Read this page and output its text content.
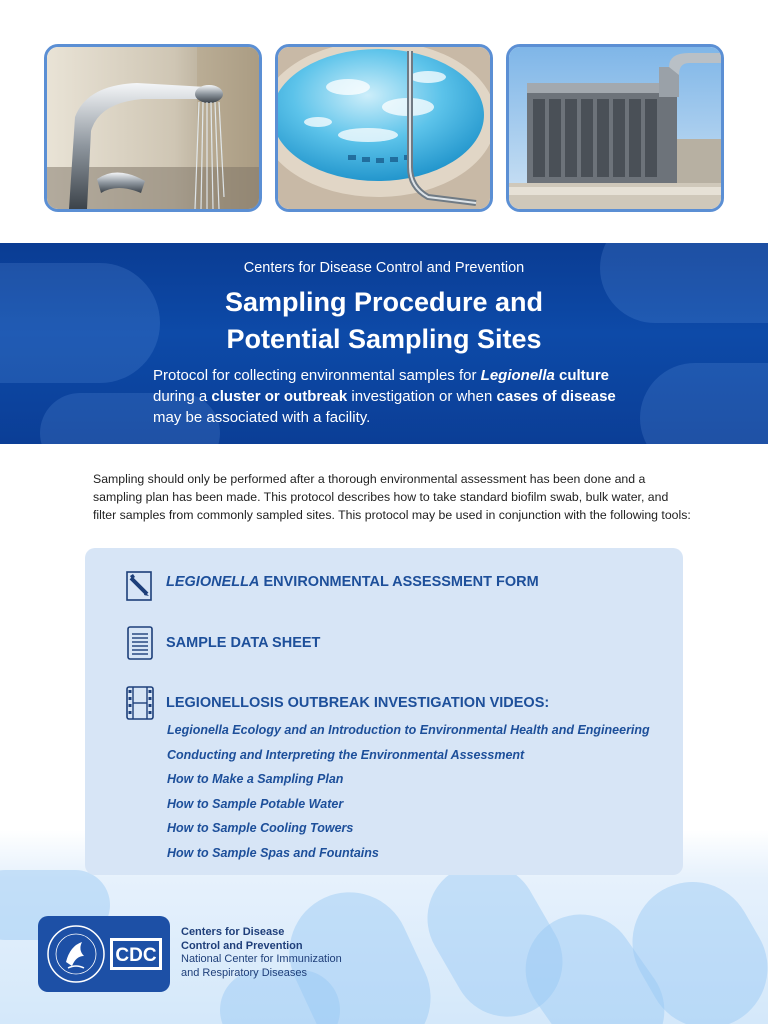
Centers for Disease Control and Prevention
Sampling Procedure and
Potential Sampling Sites
Protocol for collecting environmental samples for Legionella culture
during a cluster or outbreak investigation or when cases of disease
may be associated with a facility.

Sampling should only be performed after a thorough environmental assessment has been done and a sampling plan has been made. This protocol describes how to take standard biofilm swab, bulk water, and filter samples from commonly sampled sites. This protocol may be used in conjunction with the following tools:

LEGIONELLA ENVIRONMENTAL ASSESSMENT FORM
SAMPLE DATA SHEET
LEGIONELLOSIS OUTBREAK INVESTIGATION VIDEOS:
Legionella Ecology and an Introduction to Environmental Health and Engineering
Conducting and Interpreting the Environmental Assessment
How to Make a Sampling Plan
How to Sample Potable Water
How to Sample Cooling Towers
How to Sample Spas and Fountains
CDC
Centers for Disease
Control and Prevention
National Center for Immunization
and Respiratory Diseases
